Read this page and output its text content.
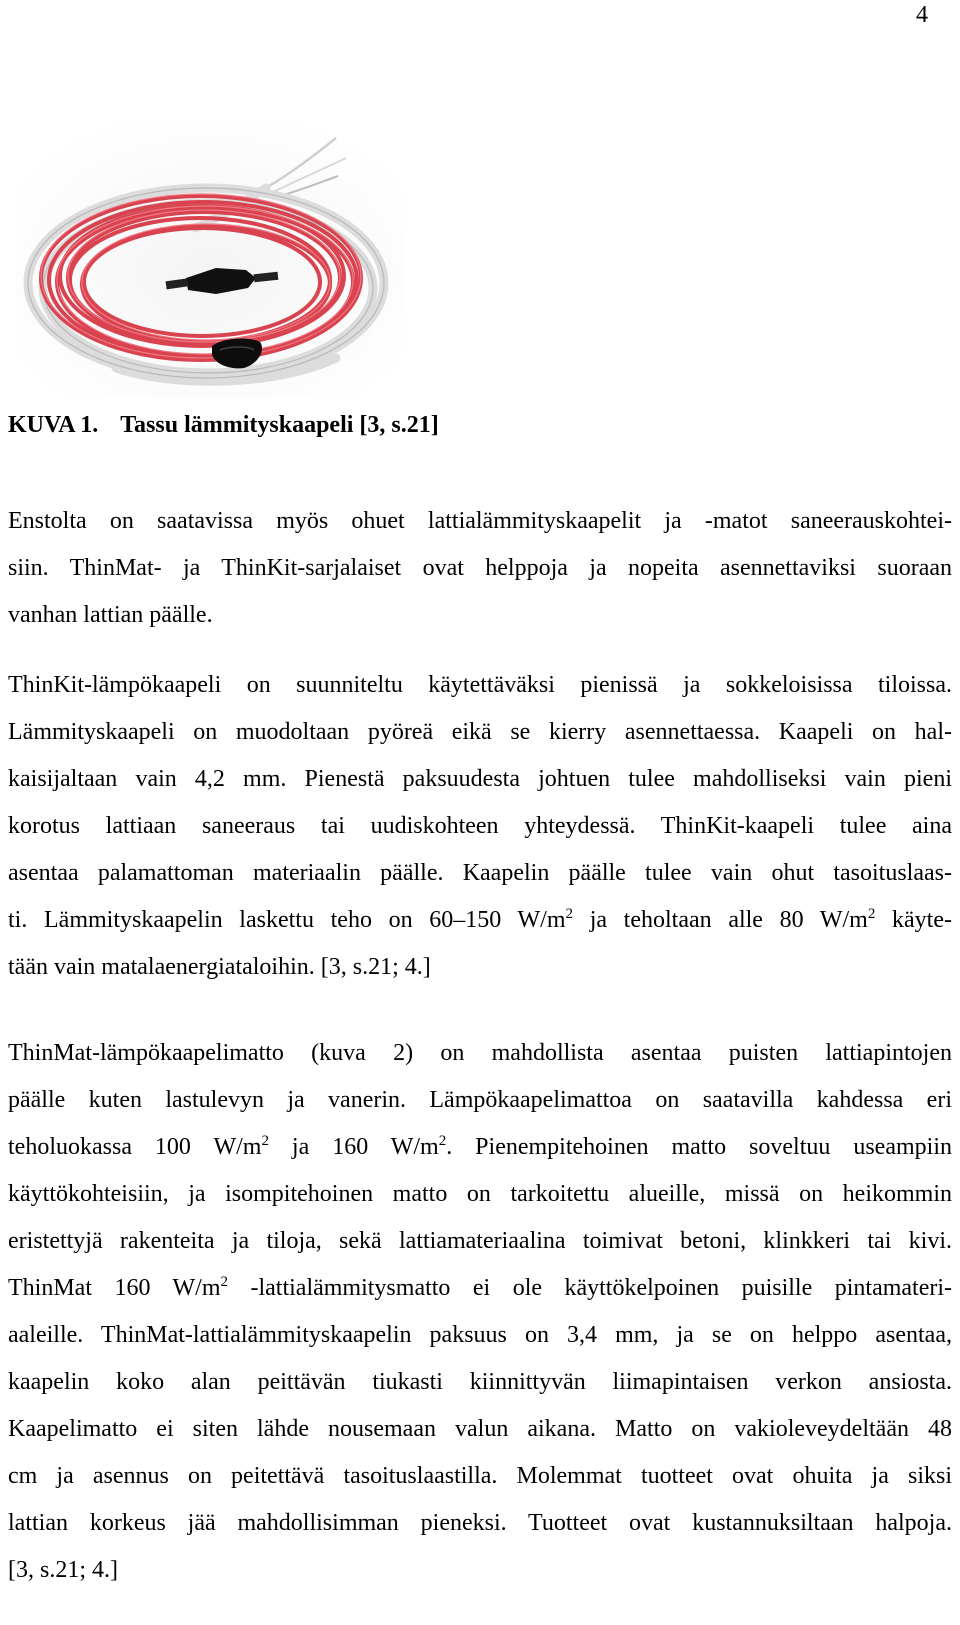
4
KUVA 1. Tassu lämmityskaapeli [3, s.21]
Enstolta on saatavissa myös ohuet lattialämmityskaapelit ja -matot saneerauskohtei-
siin. ThinMat- ja ThinKit-sarjalaiset ovat helppoja ja nopeita asennettaviksi suoraan
vanhan lattian päälle.
ThinKit-lämpökaapeli on suunniteltu käytettäväksi pienissä ja sokkeloisissa tiloissa.
Lämmityskaapeli on muodoltaan pyöreä eikä se kierry asennettaessa. Kaapeli on hal-
kaisijaltaan vain 4,2 mm. Pienestä paksuudesta johtuen tulee mahdolliseksi vain pieni
korotus lattiaan saneeraus tai uudiskohteen yhteydessä. ThinKit-kaapeli tulee aina
asentaa palamattoman materiaalin päälle. Kaapelin päälle tulee vain ohut tasoituslaas-
ti. Lämmityskaapelin laskettu teho on 60–150 $W/m^2$ ja teholtaan alle 80 $W/m^2$ käyte-
tään vain matalaenergiataloihin. [3, s.21; 4.]
ThinMat-lämpökaapelimatto (kuva 2) on mahdollista asentaa puisten lattiapintojen
päälle kuten lastulevyn ja vanerin. Lämpökaapelimattoa on saatavilla kahdessa eri
teholuokassa 100 $W/m^2$ ja 160 $W/m^2$. Pienempitehoinen matto soveltuu useampiin
käyttökohteisiin, ja isompitehoinen matto on tarkoitettu alueille, missä on heikommin
eristettyjä rakenteita ja tiloja, sekä lattiamateriaalina toimivat betoni, klinkkeri tai kivi.
ThinMat 160 $W/m^2$ -lattialämmitysmatto ei ole käyttökelpoinen puisille pintamateri-
aaleille. ThinMat-lattialämmityskaapelin paksuus on 3,4 mm, ja se on helppo asentaa,
kaapelin koko alan peittävän tiukasti kiinnittyvän liimapintaisen verkon ansiosta.
Kaapelimatto ei siten lähde nousemaan valun aikana. Matto on vakioleveydeltään 48
cm ja asennus on peitettävä tasoituslaastilla. Molemmat tuotteet ovat ohuita ja siksi
lattian korkeus jää mahdollisimman pieneksi. Tuotteet ovat kustannuksiltaan halpoja.
[3, s.21; 4.]
